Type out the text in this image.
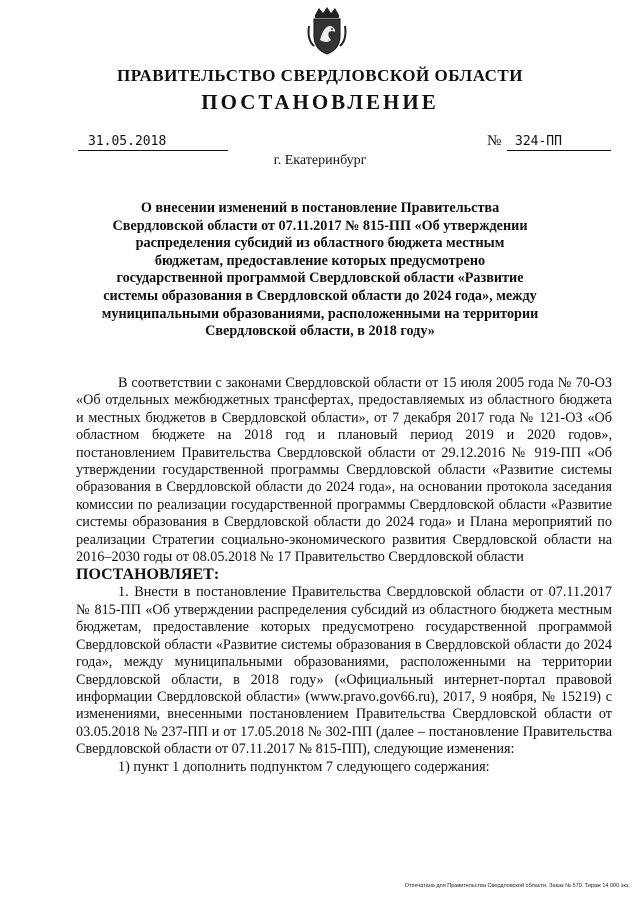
ПРАВИТЕЛЬСТВО СВЕРДЛОВСКОЙ ОБЛАСТИ
ПОСТАНОВЛЕНИЕ
31.05.2018	№	324-ПП
г. Екатеринбург
О внесении изменений в постановление Правительства Свердловской области от 07.11.2017 № 815-ПП «Об утверждении распределения субсидий из областного бюджета местным бюджетам, предоставление которых предусмотрено государственной программой Свердловской области «Развитие системы образования в Свердловской области до 2024 года», между муниципальными образованиями, расположенными на территории Свердловской области, в 2018 году»

В соответствии с законами Свердловской области от 15 июля 2005 года № 70-ОЗ «Об отдельных межбюджетных трансфертах, предоставляемых из областного бюджета и местных бюджетов в Свердловской области», от 7 декабря 2017 года № 121-ОЗ «Об областном бюджете на 2018 год и плановый период 2019 и 2020 годов», постановлением Правительства Свердловской области от 29.12.2016 № 919-ПП «Об утверждении государственной программы Свердловской области «Развитие системы образования в Свердловской области до 2024 года», на основании протокола заседания комиссии по реализации государственной программы Свердловской области «Развитие системы образования в Свердловской области до 2024 года» и Плана мероприятий по реализации Стратегии социально-экономического развития Свердловской области на 2016–2030 годы от 08.05.2018 № 17 Правительство Свердловской области

ПОСТАНОВЛЯЕТ:

1. Внести в постановление Правительства Свердловской области от 07.11.2017 № 815-ПП «Об утверждении распределения субсидий из областного бюджета местным бюджетам, предоставление которых предусмотрено государственной программой Свердловской области «Развитие системы образования в Свердловской области до 2024 года», между муниципальными образованиями, расположенными на территории Свердловской области, в 2018 году» («Официальный интернет-портал правовой информации Свердловской области» (www.pravo.gov66.ru), 2017, 9 ноября, № 15219) с изменениями, внесенными постановлением Правительства Свердловской области от 03.05.2018 № 237-ПП и от 17.05.2018 № 302-ПП (далее – постановление Правительства Свердловской области от 07.11.2017 № 815-ПП), следующие изменения:

1) пункт 1 дополнить подпунктом 7 следующего содержания:

Отпечатано для Правительства Свердловской области. Заказ № 570. Тираж 14 000 экз.
